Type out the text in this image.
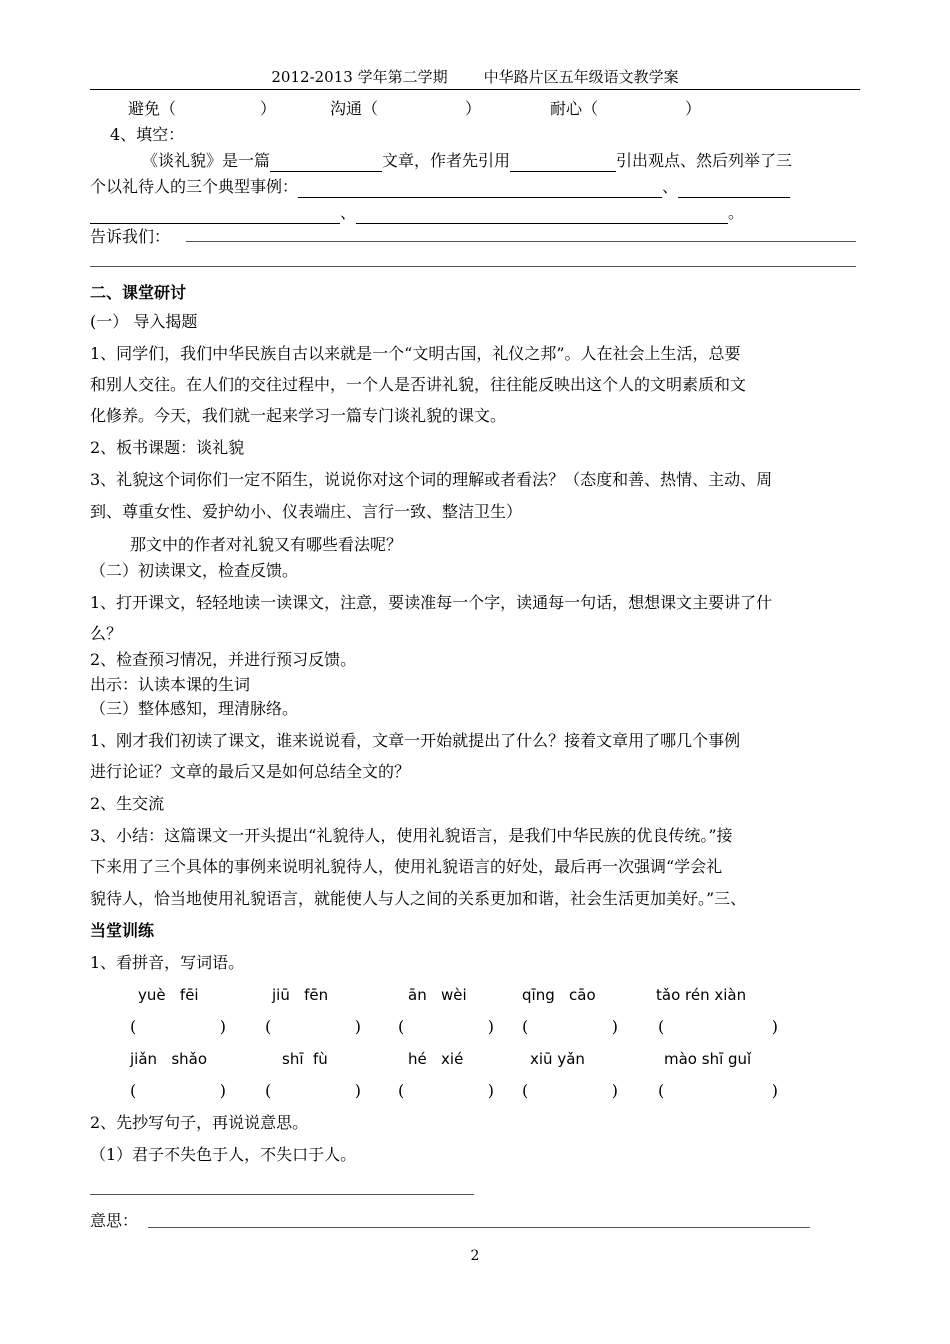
2012-2013 学年第二学期 中华路片区五年级语文教学案
避免（	）	沟通（	）	耐心（	）
4、填空：
《谈礼貌》是一篇	文章，作者先引用	引出观点、然后列举了三
个以礼待人的三个典型事例：	、
、	。
告诉我们：
二、课堂研讨
(一） 导入揭题
1、同学们，我们中华民族自古以来就是一个“文明古国，礼仪之邦”。人在社会上生活，总要
和别人交往。在人们的交往过程中，一个人是否讲礼貌，往往能反映出这个人的文明素质和文
化修养。今天，我们就一起来学习一篇专门谈礼貌的课文。
2、板书课题：谈礼貌
3、礼貌这个词你们一定不陌生，说说你对这个词的理解或者看法？（态度和善、热情、主动、周
到、尊重女性、爱护幼小、仪表端庄、言行一致、整洁卫生）
那文中的作者对礼貌又有哪些看法呢？
（二）初读课文，检查反馈。
1、打开课文，轻轻地读一读课文，注意，要读准每一个字，读通每一句话，想想课文主要讲了什
么？
2、检查预习情况，并进行预习反馈。
出示：认读本课的生词
（三）整体感知，理清脉络。
1、刚才我们初读了课文，谁来说说看，文章一开始就提出了什么？接着文章用了哪几个事例
进行论证？文章的最后又是如何总结全文的？
2、生交流
3、小结：这篇课文一开头提出“礼貌待人，使用礼貌语言，是我们中华民族的优良传统。”接
下来用了三个具体的事例来说明礼貌待人，使用礼貌语言的好处，最后再一次强调“学会礼
貌待人，恰当地使用礼貌语言，就能使人与人之间的关系更加和谐，社会生活更加美好。”三、
当堂训练
1、看拼音，写词语。
yuè   fēi	jiū   fēn	ān   wèi	qīng   cāo	tǎo rén xiàn
(	) (	) (	) (	)	(	)
jiǎn   shǎo	shī  fù	hé   xié	xiū yǎn	mào shī guǐ
(	) (	) (	) (	)	(	)
2、先抄写句子，再说说意思。
（1）君子不失色于人，不失口于人。
意思：
2
